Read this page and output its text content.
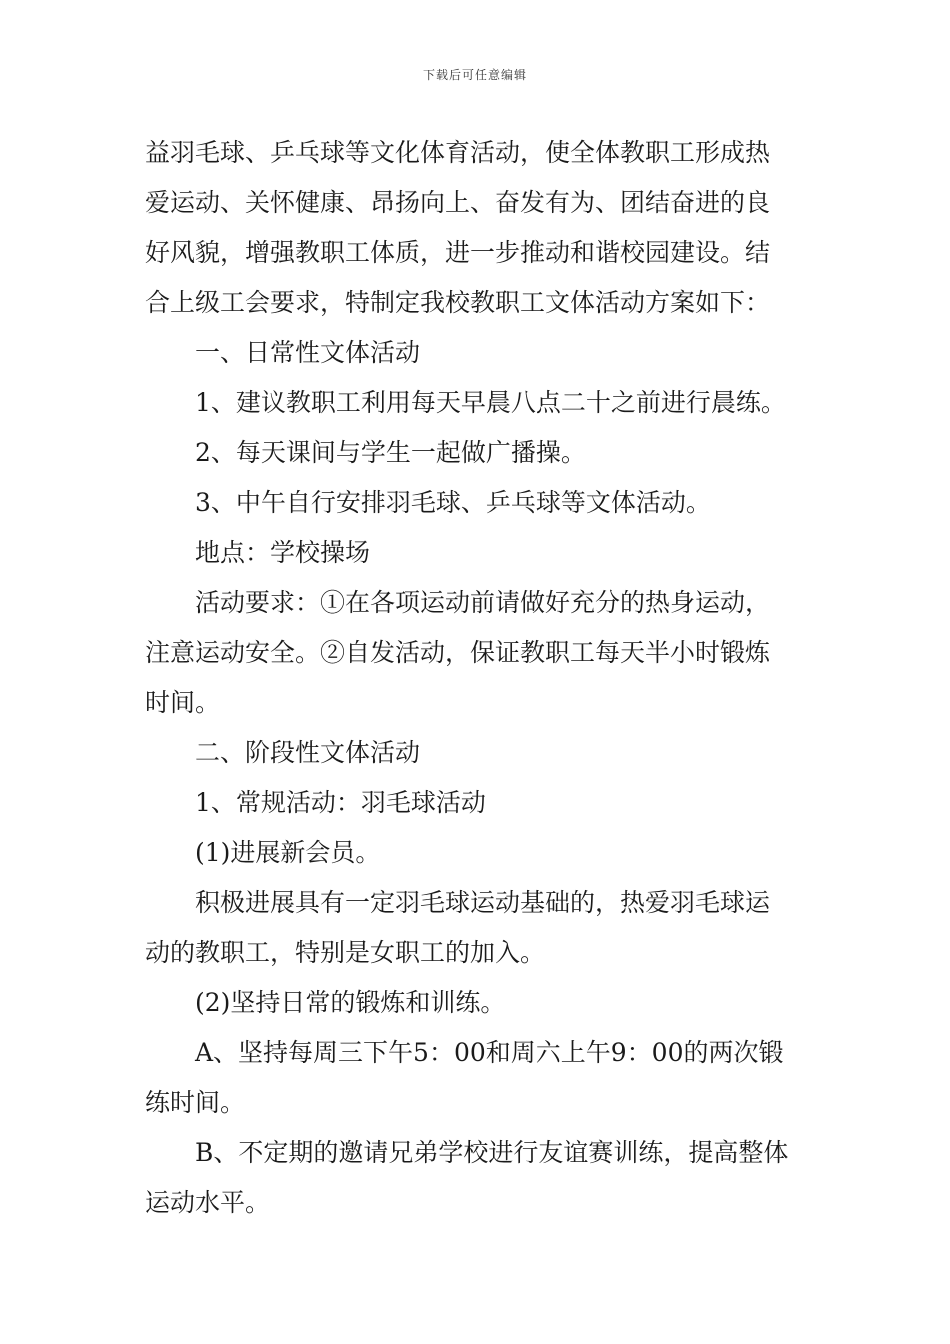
下载后可任意编辑

益羽毛球、乒乓球等文化体育活动，使全体教职工形成热

爱运动、关怀健康、昂扬向上、奋发有为、团结奋进的良

好风貌，增强教职工体质，进一步推动和谐校园建设。结

合上级工会要求，特制定我校教职工文体活动方案如下：

一、日常性文体活动

1、建议教职工利用每天早晨八点二十之前进行晨练。

2、每天课间与学生一起做广播操。

3、中午自行安排羽毛球、乒乓球等文体活动。

地点：学校操场

活动要求：①在各项运动前请做好充分的热身运动，

注意运动安全。②自发活动，保证教职工每天半小时锻炼

时间。

二、阶段性文体活动

1、常规活动：羽毛球活动

(1)进展新会员。

积极进展具有一定羽毛球运动基础的，热爱羽毛球运

动的教职工，特别是女职工的加入。

(2)坚持日常的锻炼和训练。

A、坚持每周三下午5：00和周六上午9：00的两次锻

练时间。

B、不定期的邀请兄弟学校进行友谊赛训练，提高整体

运动水平。
